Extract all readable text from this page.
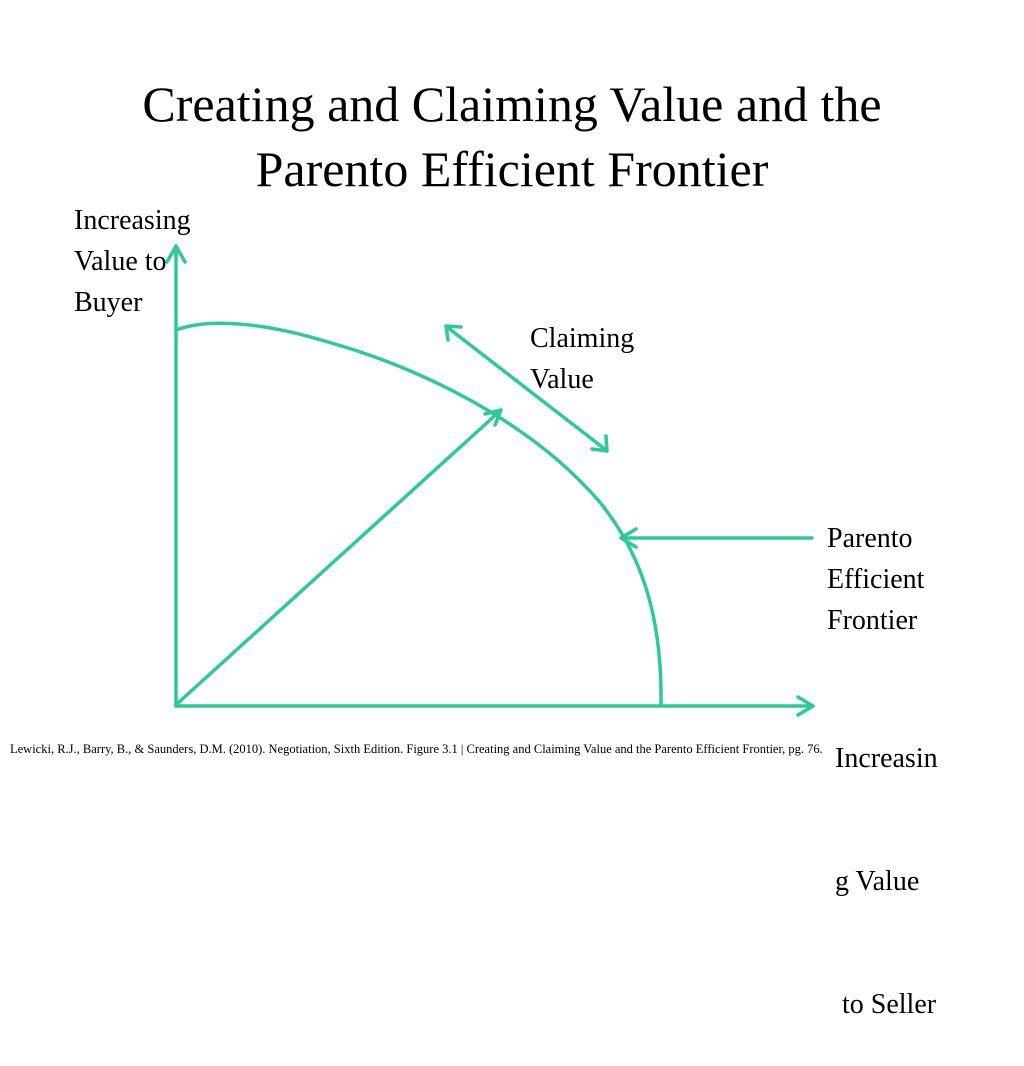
Creating and Claiming Value and the
Parento Efficient Frontier
Increasing
Value to
Buyer
Claiming
Value
Parento
Efficient
Frontier

Increasin

g Value

to Seller

Lewicki, R.J., Barry, B., & Saunders, D.M. (2010). Negotiation, Sixth Edition. Figure 3.1 | Creating and Claiming Value and the Parento Efficient Frontier, pg. 76.
